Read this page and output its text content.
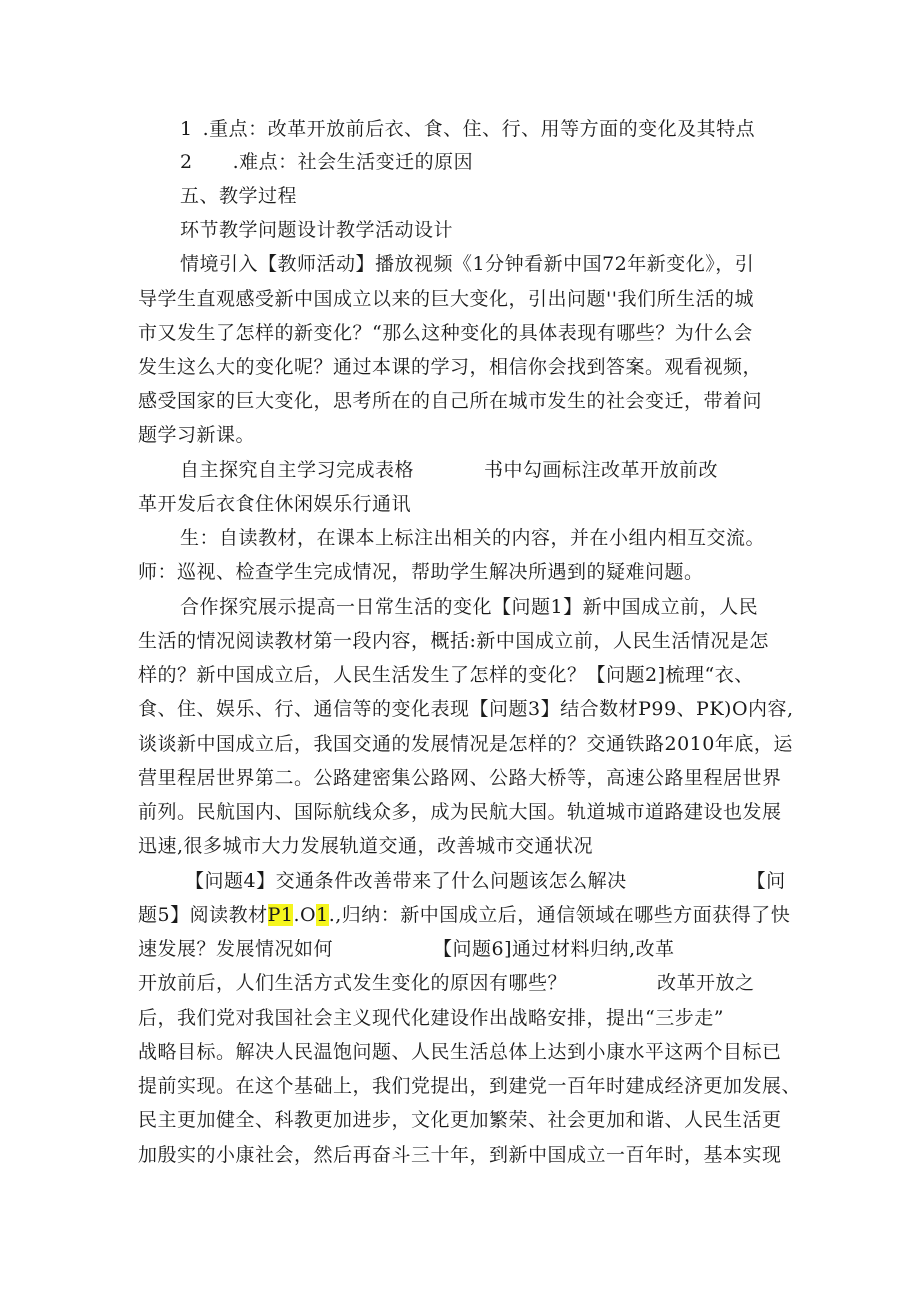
1 .重点：改革开放前后衣、食、住、行、用等方面的变化及其特点
2 .难点：社会生活变迁的原因
五、教学过程
环节教学问题设计教学活动设计
情境引入【教师活动】播放视频《1分钟看新中国72年新变化》，引
导学生直观感受新中国成立以来的巨大变化，引出问题''我们所生活的城
市又发生了怎样的新变化？“那么这种变化的具体表现有哪些？为什么会
发生这么大的变化呢？通过本课的学习，相信你会找到答案。观看视频，
感受国家的巨大变化，思考所在的自己所在城市发生的社会变迁，带着问
题学习新课。
自主探究自主学习完成表格	书中勾画标注改革开放前改
革开发后衣食住休闲娱乐行通讯
生：自读教材，在课本上标注出相关的内容，并在小组内相互交流。
师：巡视、检查学生完成情况，帮助学生解决所遇到的疑难问题。
合作探究展示提高一日常生活的变化【问题1】新中国成立前，人民
生活的情况阅读教材第一段内容，概括:新中国成立前，人民生活情况是怎
样的？新中国成立后，人民生活发生了怎样的变化？【问题2]梳理“衣、
食、住、娱乐、行、通信等的变化表现【问题3】结合数材P99、PK)O内容,
谈谈新中国成立后，我国交通的发展情况是怎样的？交通铁路2010年底，运
营里程居世界第二。公路建密集公路网、公路大桥等，高速公路里程居世界
前列。民航国内、国际航线众多，成为民航大国。轨道城市道路建设也发展
迅速,很多城市大力发展轨道交通，改善城市交通状况
【问题4】交通条件改善带来了什么问题该怎么解决	【问
题5】阅读教材P1.O1.,归纳：新中国成立后，通信领域在哪些方面获得了快
速发展？发展情况如何	【问题6]通过材料归纳,改革
开放前后，人们生活方式发生变化的原因有哪些？	改革开放之
后，我们党对我国社会主义现代化建设作出战略安排，提出“三步走”
战略目标。解决人民温饱问题、人民生活总体上达到小康水平这两个目标已
提前实现。在这个基础上，我们党提出，到建党一百年时建成经济更加发展、
民主更加健全、科教更加进步，文化更加繁荣、社会更加和谐、人民生活更
加殷实的小康社会，然后再奋斗三十年，到新中国成立一百年时，基本实现
